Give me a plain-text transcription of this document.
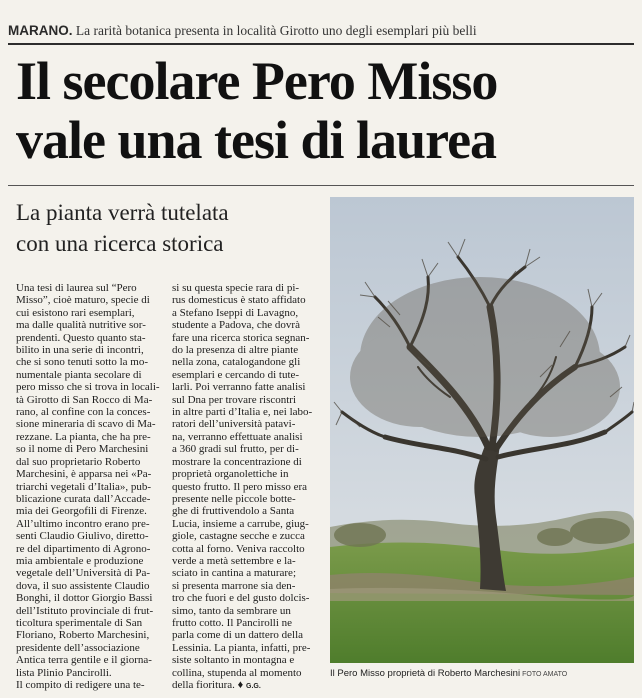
MARANO. La rarità botanica presenta in località Girotto uno degli esemplari più belli
Il secolare Pero Misso
vale una tesi di laurea
La pianta verrà tutelata
con una ricerca storica
Una tesi di laurea sul “Pero
Misso”, cioè maturo, specie di
cui esistono rari esemplari,
ma dalle qualità nutritive sor-
prendenti. Questo quanto sta-
bilito in una serie di incontri,
che si sono tenuti sotto la mo-
numentale pianta secolare di
pero misso che si trova in locali-
tà Girotto di San Rocco di Ma-
rano, al confine con la conces-
sione mineraria di scavo di Ma-
rezzane. La pianta, che ha pre-
so il nome di Pero Marchesini
dal suo proprietario Roberto
Marchesini, è apparsa nei «Pa-
triarchi vegetali d’Italia», pub-
blicazione curata dall’Accade-
mia dei Georgofili di Firenze.
All’ultimo incontro erano pre-
senti Claudio Giulivo, diretto-
re del dipartimento di Agrono-
mia ambientale e produzione
vegetale dell’Università di Pa-
dova, il suo assistente Claudio
Bonghi, il dottor Giorgio Bassi
dell’Istituto provinciale di frut-
ticoltura sperimentale di San
Floriano, Roberto Marchesini,
presidente dell’associazione
Antica terra gentile e il giorna-
lista Plinio Pancirolli.
Il compito di redigere una te-
si su questa specie rara di pi-
rus domesticus è stato affidato
a Stefano Iseppi di Lavagno,
studente a Padova, che dovrà
fare una ricerca storica segnan-
do la presenza di altre piante
nella zona, catalogandone gli
esemplari e cercando di tute-
larli. Poi verranno fatte analisi
sul Dna per trovare riscontri
in altre parti d’Italia e, nei labo-
ratori dell’università patavi-
na, verranno effettuate analisi
a 360 gradi sul frutto, per di-
mostrare la concentrazione di
proprietà organolettiche in
questo frutto. Il pero misso era
presente nelle piccole botte-
ghe di fruttivendolo a Santa
Lucia, insieme a carrube, giug-
giole, castagne secche e zucca
cotta al forno. Veniva raccolto
verde a metà settembre e la-
sciato in cantina a maturare;
si presenta marrone sia den-
tro che fuori e del gusto dolcis-
simo, tanto da sembrare un
frutto cotto. Il Pancirolli ne
parla come di un dattero della
Lessinia. La pianta, infatti, pre-
siste soltanto in montagna e
collina, stupenda al momento
della fioritura. ♦ G.G.
Il Pero Misso proprietà di Roberto Marchesini FOTO AMATO
